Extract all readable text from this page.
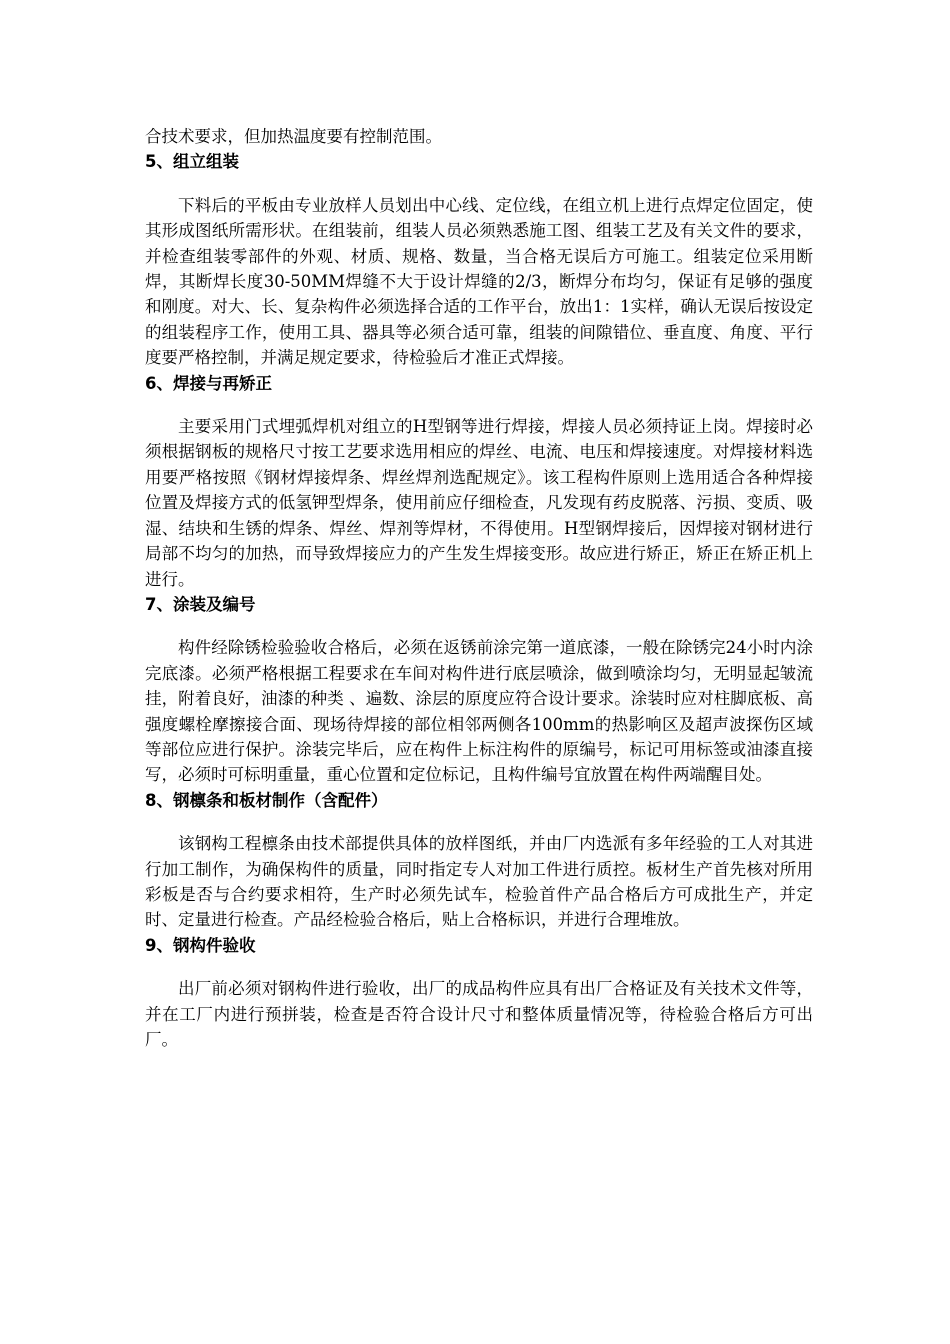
合技术要求，但加热温度要有控制范围。

5、组立组装

下料后的平板由专业放样人员划出中心线、定位线，在组立机上进行点焊定位固定，使其形成图纸所需形状。在组装前，组装人员必须熟悉施工图、组装工艺及有关文件的要求，并检查组装零部件的外观、材质、规格、数量，当合格无误后方可施工。组装定位采用断焊，其断焊长度30-50MM焊缝不大于设计焊缝的2/3，断焊分布均匀，保证有足够的强度和刚度。对大、长、复杂构件必须选择合适的工作平台，放出1：1实样，确认无误后按设定的组装程序工作，使用工具、器具等必须合适可靠，组装的间隙错位、垂直度、角度、平行度要严格控制，并满足规定要求，待检验后才准正式焊接。

6、焊接与再矫正

主要采用门式埋弧焊机对组立的H型钢等进行焊接，焊接人员必须持证上岗。焊接时必须根据钢板的规格尺寸按工艺要求选用相应的焊丝、电流、电压和焊接速度。对焊接材料选用要严格按照《钢材焊接焊条、焊丝焊剂选配规定》。该工程构件原则上选用适合各种焊接位置及焊接方式的低氢钾型焊条，使用前应仔细检查，凡发现有药皮脱落、污损、变质、吸湿、结块和生锈的焊条、焊丝、焊剂等焊材，不得使用。H型钢焊接后，因焊接对钢材进行局部不均匀的加热，而导致焊接应力的产生发生焊接变形。故应进行矫正，矫正在矫正机上进行。

7、涂装及编号

构件经除锈检验验收合格后，必须在返锈前涂完第一道底漆，一般在除锈完24小时内涂完底漆。必须严格根据工程要求在车间对构件进行底层喷涂，做到喷涂均匀，无明显起皱流挂，附着良好，油漆的种类 、遍数、涂层的原度应符合设计要求。涂装时应对柱脚底板、高强度螺栓摩擦接合面、现场待焊接的部位相邻两侧各100mm的热影响区及超声波探伤区域等部位应进行保护。涂装完毕后，应在构件上标注构件的原编号，标记可用标签或油漆直接写，必须时可标明重量，重心位置和定位标记，且构件编号宜放置在构件两端醒目处。

8、钢檩条和板材制作（含配件）

该钢构工程檩条由技术部提供具体的放样图纸，并由厂内选派有多年经验的工人对其进行加工制作，为确保构件的质量，同时指定专人对加工件进行质控。板材生产首先核对所用彩板是否与合约要求相符，生产时必须先试车，检验首件产品合格后方可成批生产，并定时、定量进行检查。产品经检验合格后，贴上合格标识，并进行合理堆放。

9、钢构件验收

出厂前必须对钢构件进行验收，出厂的成品构件应具有出厂合格证及有关技术文件等，并在工厂内进行预拼装，检查是否符合设计尺寸和整体质量情况等，待检验合格后方可出厂。
